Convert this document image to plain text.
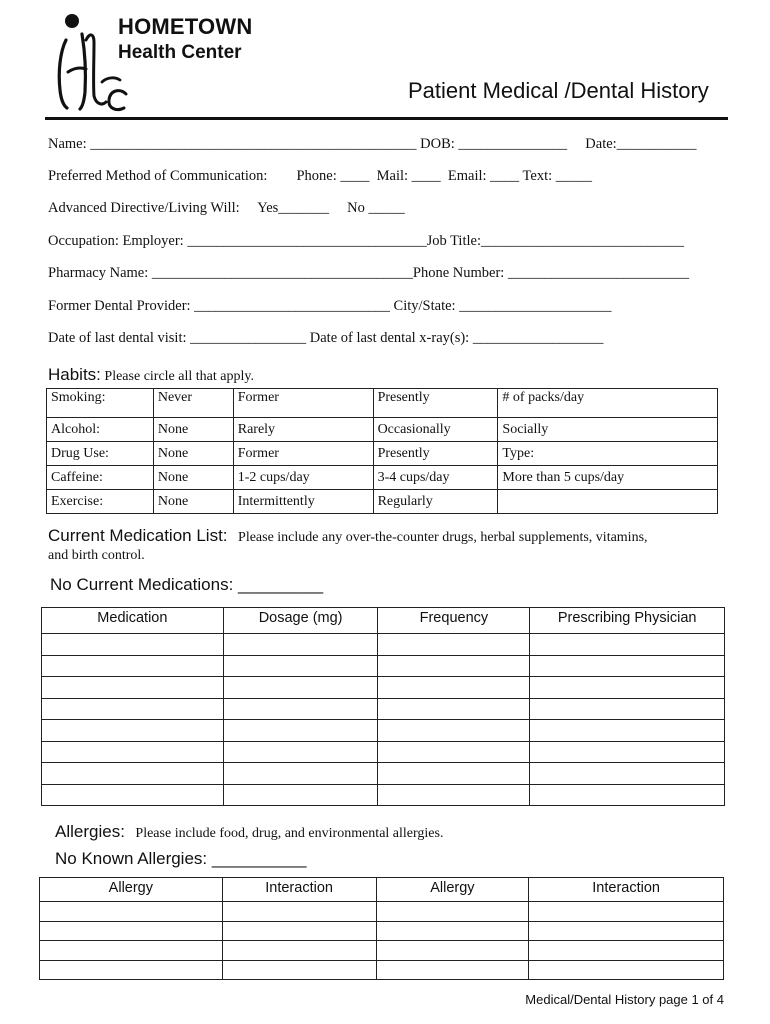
HOMETOWN
Health Center
Patient Medical /Dental History
Name: _____________________________________________ DOB: _______________     Date:___________
Preferred Method of Communication:        Phone: ____  Mail: ____  Email: ____ Text: _____
Advanced Directive/Living Will:     Yes_______     No _____
Occupation: Employer: _________________________________Job Title:____________________________
Pharmacy Name: ____________________________________Phone Number: _________________________
Former Dental Provider: ___________________________ City/State: _____________________
Date of last dental visit: ________________ Date of last dental x-ray(s): __________________
Habits: Please circle all that apply.
Smoking:	Never	Former	Presently	# of packs/day
Alcohol:	None	Rarely	Occasionally	Socially
Drug Use:	None	Former	Presently	Type:
Caffeine:	None	1-2 cups/day	3-4 cups/day	More than 5 cups/day
Exercise:	None	Intermittently	Regularly	
Current Medication List:   Please include any over-the-counter drugs, herbal supplements, vitamins,
and birth control.
No Current Medications: _________
Medication	Dosage (mg)	Frequency	Prescribing Physician

Allergies:   Please include food, drug, and environmental allergies.
No Known Allergies: __________
Allergy	Interaction	Allergy	Interaction

Medical/Dental History page 1 of 4
